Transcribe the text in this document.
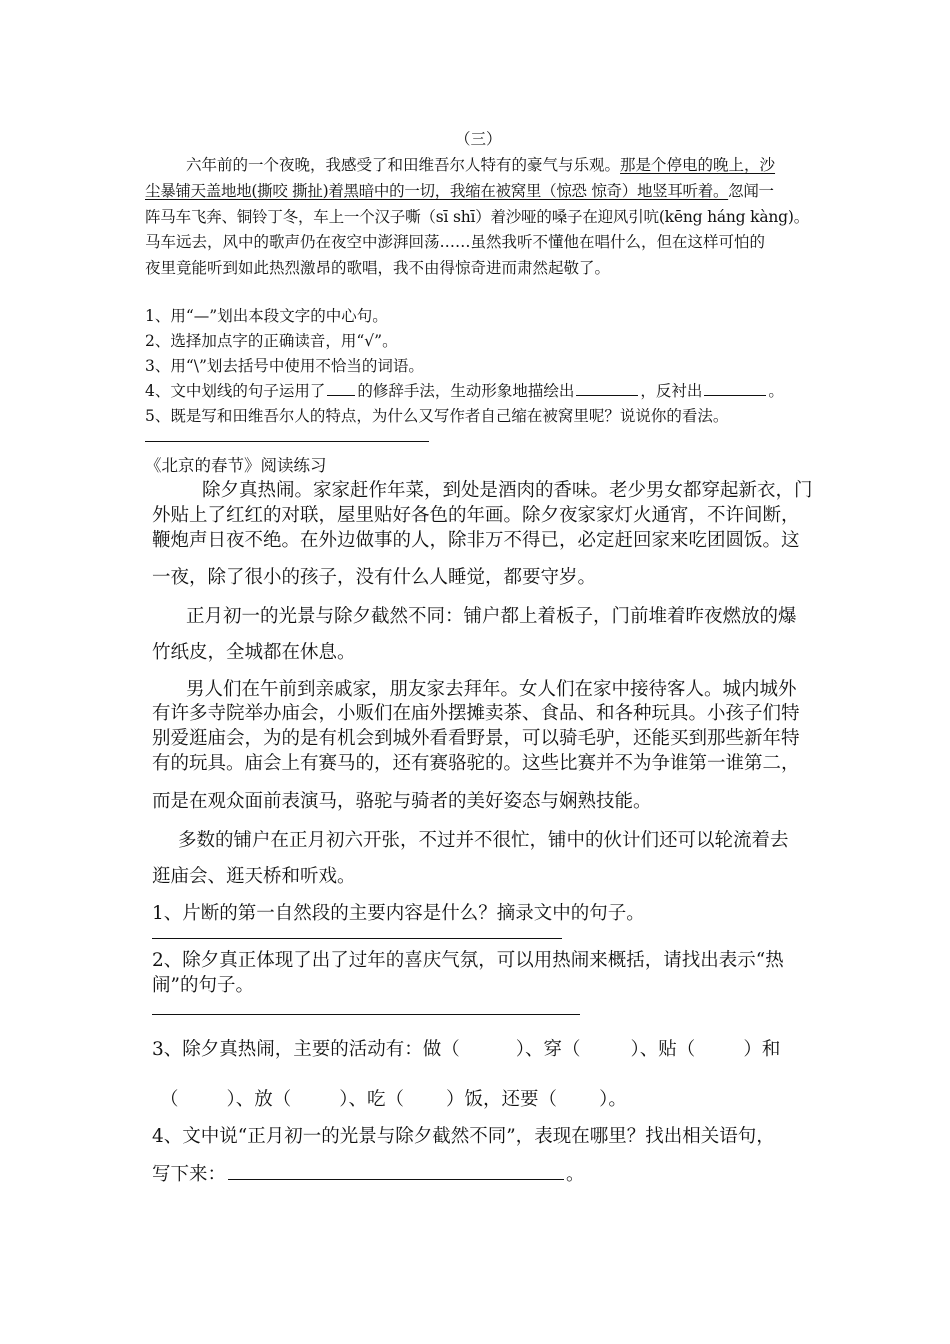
（三）
六年前的一个夜晚，我感受了和田维吾尔人特有的豪气与乐观。那是个停电的晚上，沙
尘暴铺天盖地地(撕咬 撕扯)着黑暗中的一切，我缩在被窝里（惊恐 惊奇）地竖耳听着。忽闻一
阵马车飞奔、铜铃丁冬，车上一个汉子嘶（sī shī）着沙哑的嗓子在迎风引吭(kēng háng kàng)。
马车远去，风中的歌声仍在夜空中澎湃回荡……虽然我听不懂他在唱什么，但在这样可怕的
夜里竟能听到如此热烈激昂的歌唱，我不由得惊奇进而肃然起敬了。
1、用“—”划出本段文字的中心句。
2、选择加点字的正确读音，用“√”。
3、用“\”划去括号中使用不恰当的词语。
4、文中划线的句子运用了 的修辞手法，生动形象地描绘出	，反衬出	。
5、既是写和田维吾尔人的特点，为什么又写作者自己缩在被窝里呢？说说你的看法。
《北京的春节》阅读练习
除夕真热闹。家家赶作年菜，到处是酒肉的香味。老少男女都穿起新衣，门
外贴上了红红的对联，屋里贴好各色的年画。除夕夜家家灯火通宵，不许间断，
鞭炮声日夜不绝。在外边做事的人，除非万不得已，必定赶回家来吃团圆饭。这
一夜，除了很小的孩子，没有什么人睡觉，都要守岁。
正月初一的光景与除夕截然不同：铺户都上着板子，门前堆着昨夜燃放的爆
竹纸皮，全城都在休息。
男人们在午前到亲戚家，朋友家去拜年。女人们在家中接待客人。城内城外
有许多寺院举办庙会，小贩们在庙外摆摊卖茶、食品、和各种玩具。小孩子们特
别爱逛庙会，为的是有机会到城外看看野景，可以骑毛驴，还能买到那些新年特
有的玩具。庙会上有赛马的，还有赛骆驼的。这些比赛并不为争谁第一谁第二，
而是在观众面前表演马，骆驼与骑者的美好姿态与娴熟技能。
多数的铺户在正月初六开张，不过并不很忙，铺中的伙计们还可以轮流着去
逛庙会、逛天桥和听戏。
1、片断的第一自然段的主要内容是什么？摘录文中的句子。
2、除夕真正体现了出了过年的喜庆气氛，可以用热闹来概括，请找出表示“热
闹”的句子。
3、除夕真热闹，主要的活动有：做（	）、穿（	）、贴（	）和
（	）、放（	）、吃（ ）饭，还要（ ）。
4、文中说“正月初一的光景与除夕截然不同”，表现在哪里？找出相关语句，
写下来：	。
